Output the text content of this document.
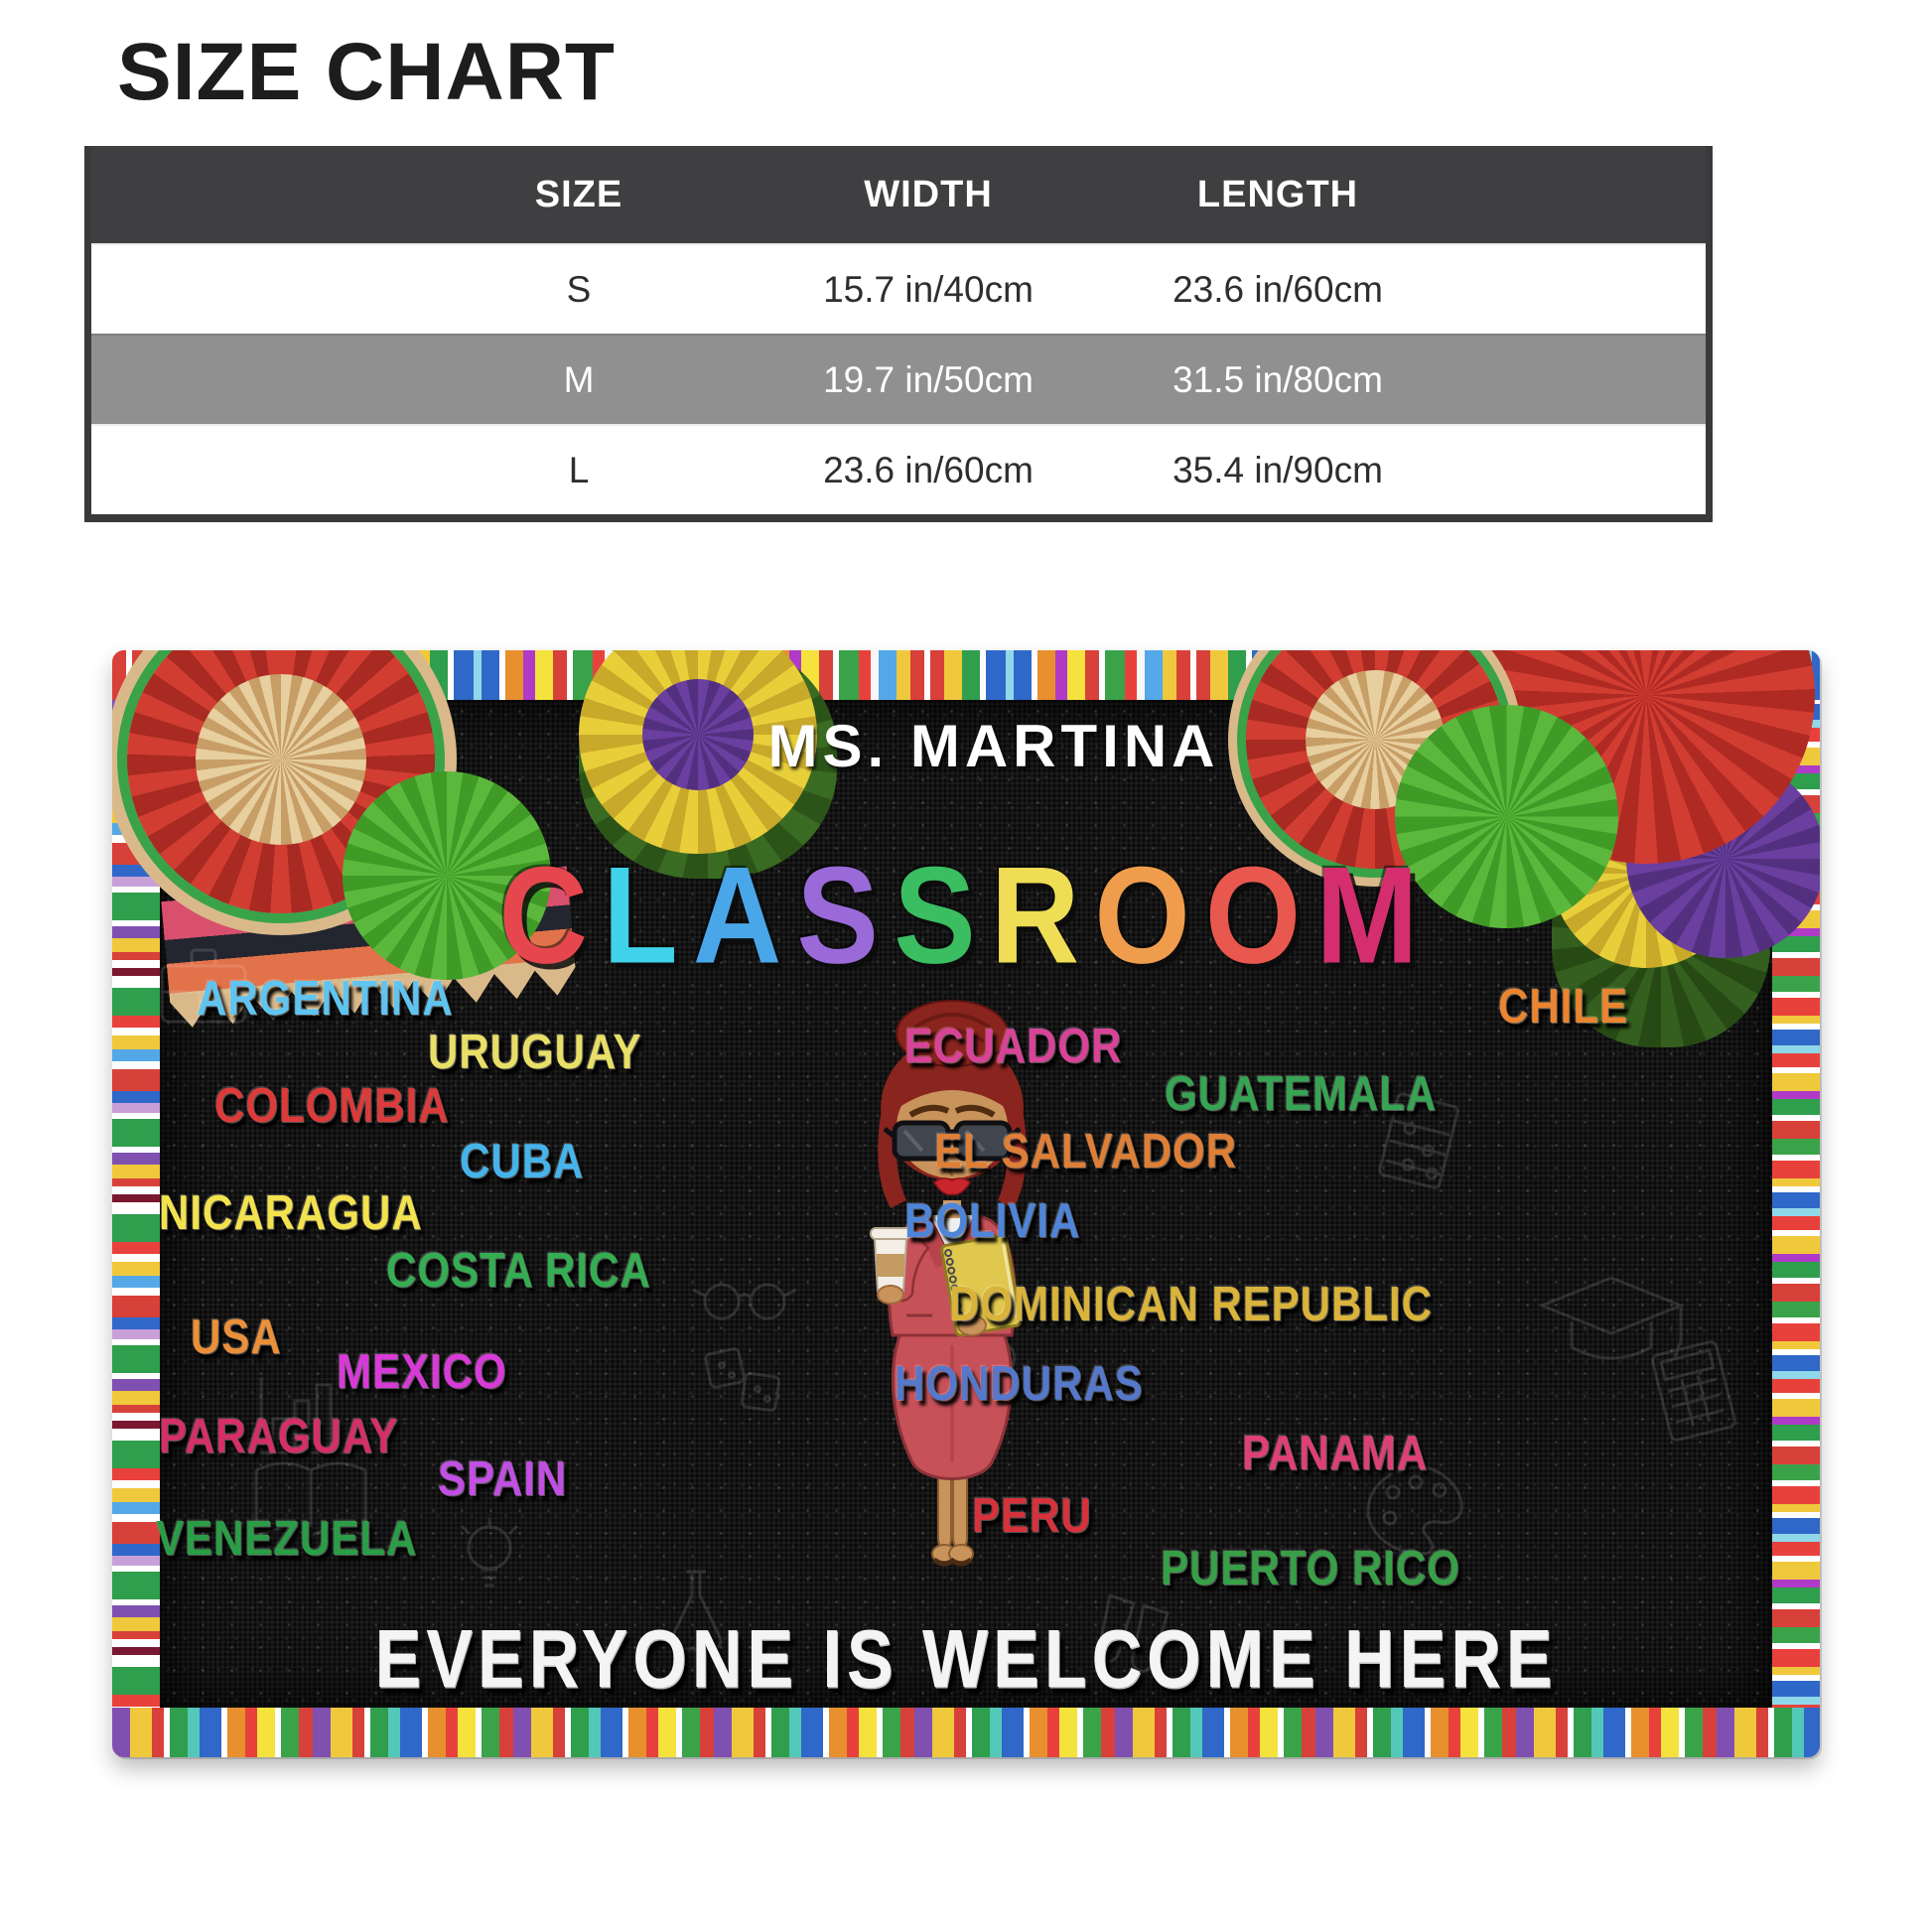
SIZE CHART
SIZE	WIDTH	LENGTH
S	15.7 in/40cm	23.6 in/60cm
M	19.7 in/50cm	31.5 in/80cm
L	23.6 in/60cm	35.4 in/90cm
MS. MARTINA
CLASSROOM
EVERYONE IS WELCOME HERE
ARGENTINA
URUGUAY
COLOMBIA
CUBA
NICARAGUA
COSTA RICA
USA
MEXICO
PARAGUAY
SPAIN
VENEZUELA
CHILE
ECUADOR
GUATEMALA
EL SALVADOR
BOLIVIA
DOMINICAN REPUBLIC
HONDURAS
PANAMA
PERU
PUERTO RICO
